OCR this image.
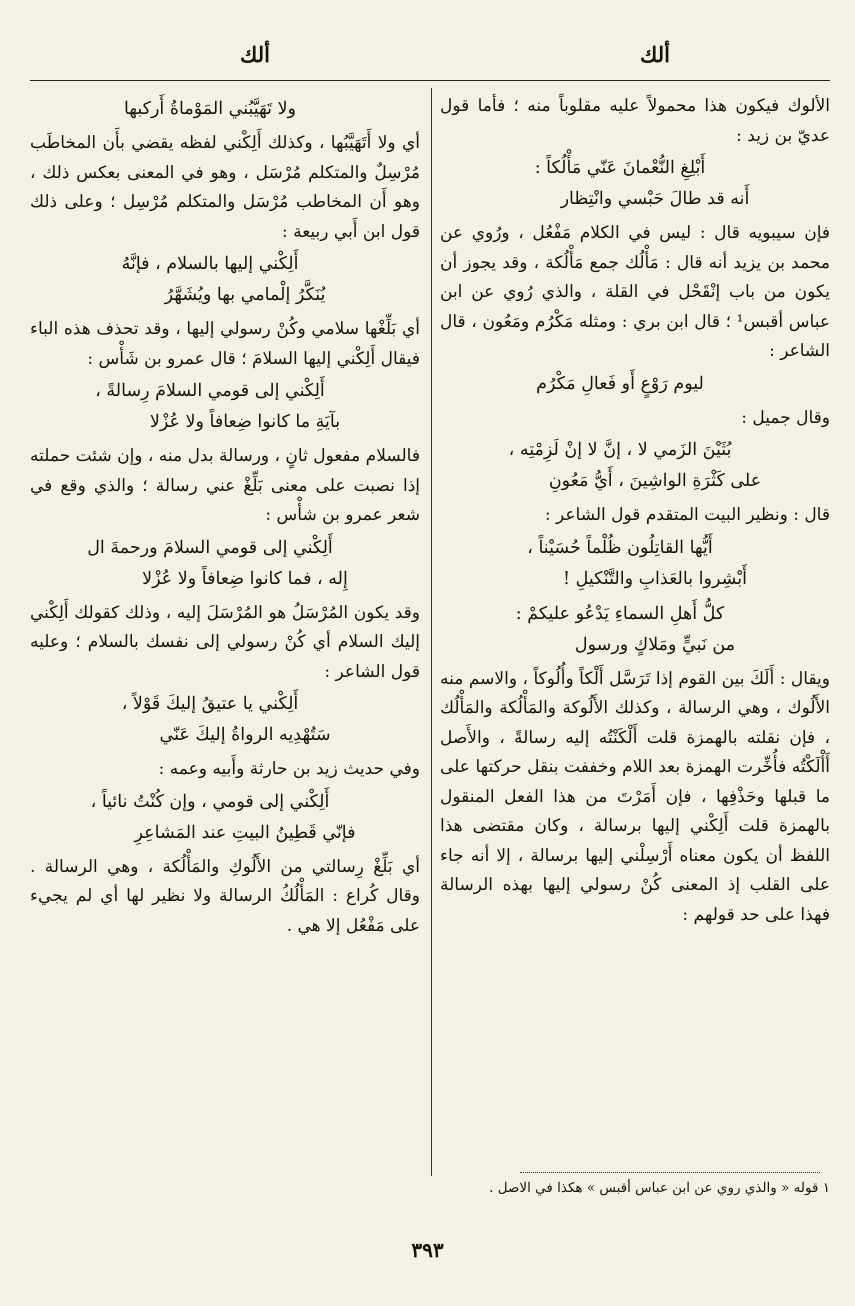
ألك
ألك

الألوك فيكون هذا محمولاً عليه مقلوباً منه ؛ فأما قول عديّ بن زيد :

أَبْلِغِ النُّعْمانَ عَنّي مَأْلُكاً :
أَنه قد طالَ حَبْسي وانْتِظار

فإن سيبويه قال : ليس في الكلام مَفْعُل ، ورُوي عن محمد بن يزيد أنه قال : مَأْلُك جمع مَأْلُكة ، وقد يجوز أن يكون من باب إنْقَحْل في القلة ، والذي رُوي عن ابن عباس أقبس¹ ؛ قال ابن بري : ومثله مَكْرُم ومَعُون ، قال الشاعر :

ليوم رَوْعٍ أَو فَعالِ مَكْرُم

وقال جميل :

بُثَيْنَ الزَمي لا ، إنَّ لا إنْ لَزِمْتِه ،
على كَثْرَةِ الواشِينَ ، أَيُّ مَعُونِ

قال : ونظير البيت المتقدم قول الشاعر :

أَيُّها القاتِلُون ظُلْماً حُسَيْناً ،
أَبْشِروا بالعَذابِ والتَّنْكيلِ !
كلُّ أَهلِ السماءِ يَدْعُو عليكمْ :
من نَبيٍّ ومَلاكٍ ورسول

ويقال : أَلَكَ بين القوم إذا تَرَسَّل أَلْكاً وأُلُوكاً ، والاسم منه الأَلُوك ، وهي الرسالة ، وكذلك الأَلُوكة والمَأْلُكة والمَأْلُك ، فإن نقلته بالهمزة قلت أَلْكَنْتُه إليه رسالةً ، والأَصل أَأْلَكْتُه فأُخِّرت الهمزة بعد اللام وخففت بنقل حركتها على ما قبلها وحَذْفِها ، فإن أَمَرْتَ من هذا الفعل المنقول بالهمزة قلت أَلِكْني إليها برسالة ، وكان مقتضى هذا اللفظ أن يكون معناه أَرْسِلْني إليها برسالة ، إلا أنه جاء على القلب إذ المعنى كُنْ رسولي إليها بهذه الرسالة فهذا على حد قولهم :

ولا تَهَيَّبُني المَوْماةُ أَركبها

أي ولا أَتَهَيَّبُها ، وكذلك أَلِكْني لفظه يقضي بأَن المخاطَب مُرْسِلٌ والمتكلم مُرْسَل ، وهو في المعنى بعكس ذلك ، وهو أَن المخاطب مُرْسَل والمتكلم مُرْسِل ؛ وعلى ذلك قول ابن أَبي ربيعة :

أَلِكْني إليها بالسلام ، فإنَّهُ
يُنَكَّرُ إلْمامي بها ويُشَهَّرُ

أي بَلِّغْها سلامي وكُنْ رسولي إليها ، وقد تحذف هذه الباء فيقال أَلِكْني إليها السلامَ ؛ قال عمرو بن شَأْس :

أَلِكْني إلى قومي السلامَ رِسالةً ،
بآيَةِ ما كانوا ضِعافاً ولا عُزْلا

فالسلام مفعول ثانٍ ، ورسالة بدل منه ، وإن شئت حملته إذا نصبت على معنى بَلِّغْ عني رسالة ؛ والذي وقع في شعر عمرو بن شأْس :

أَلِكْني إلى قومي السلامَ ورحمةَ ال
إِله ، فما كانوا ضِعافاً ولا عُزْلا

وقد يكون المُرْسَلُ هو المُرْسَلَ إليه ، وذلك كقولك أَلِكْني إليك السلام أي كُنْ رسولي إلى نفسك بالسلام ؛ وعليه قول الشاعر :

أَلِكْني يا عتيقُ إليكَ قَوْلاً ،
سَتُهْدِيه الرواةُ إليكَ عَنّي

وفي حديث زيد بن حارثة وأَبيه وعمه :

أَلِكْني إلى قومي ، وإن كُنْتُ نائياً ،
فإنّي قَطِينُ البيتِ عند المَشاعِرِ

أي بَلِّغْ رِسالتي من الأَلُوكِ والمَأْلُكة ، وهي الرسالة . وقال كُراع : المَأْلُكُ الرسالة ولا نظير لها أي لم يجيء على مَفْعُل إلا هي .

١ قوله « والذي روي عن ابن عباس أقبس » هكذا في الاصل .
٣٩٣
